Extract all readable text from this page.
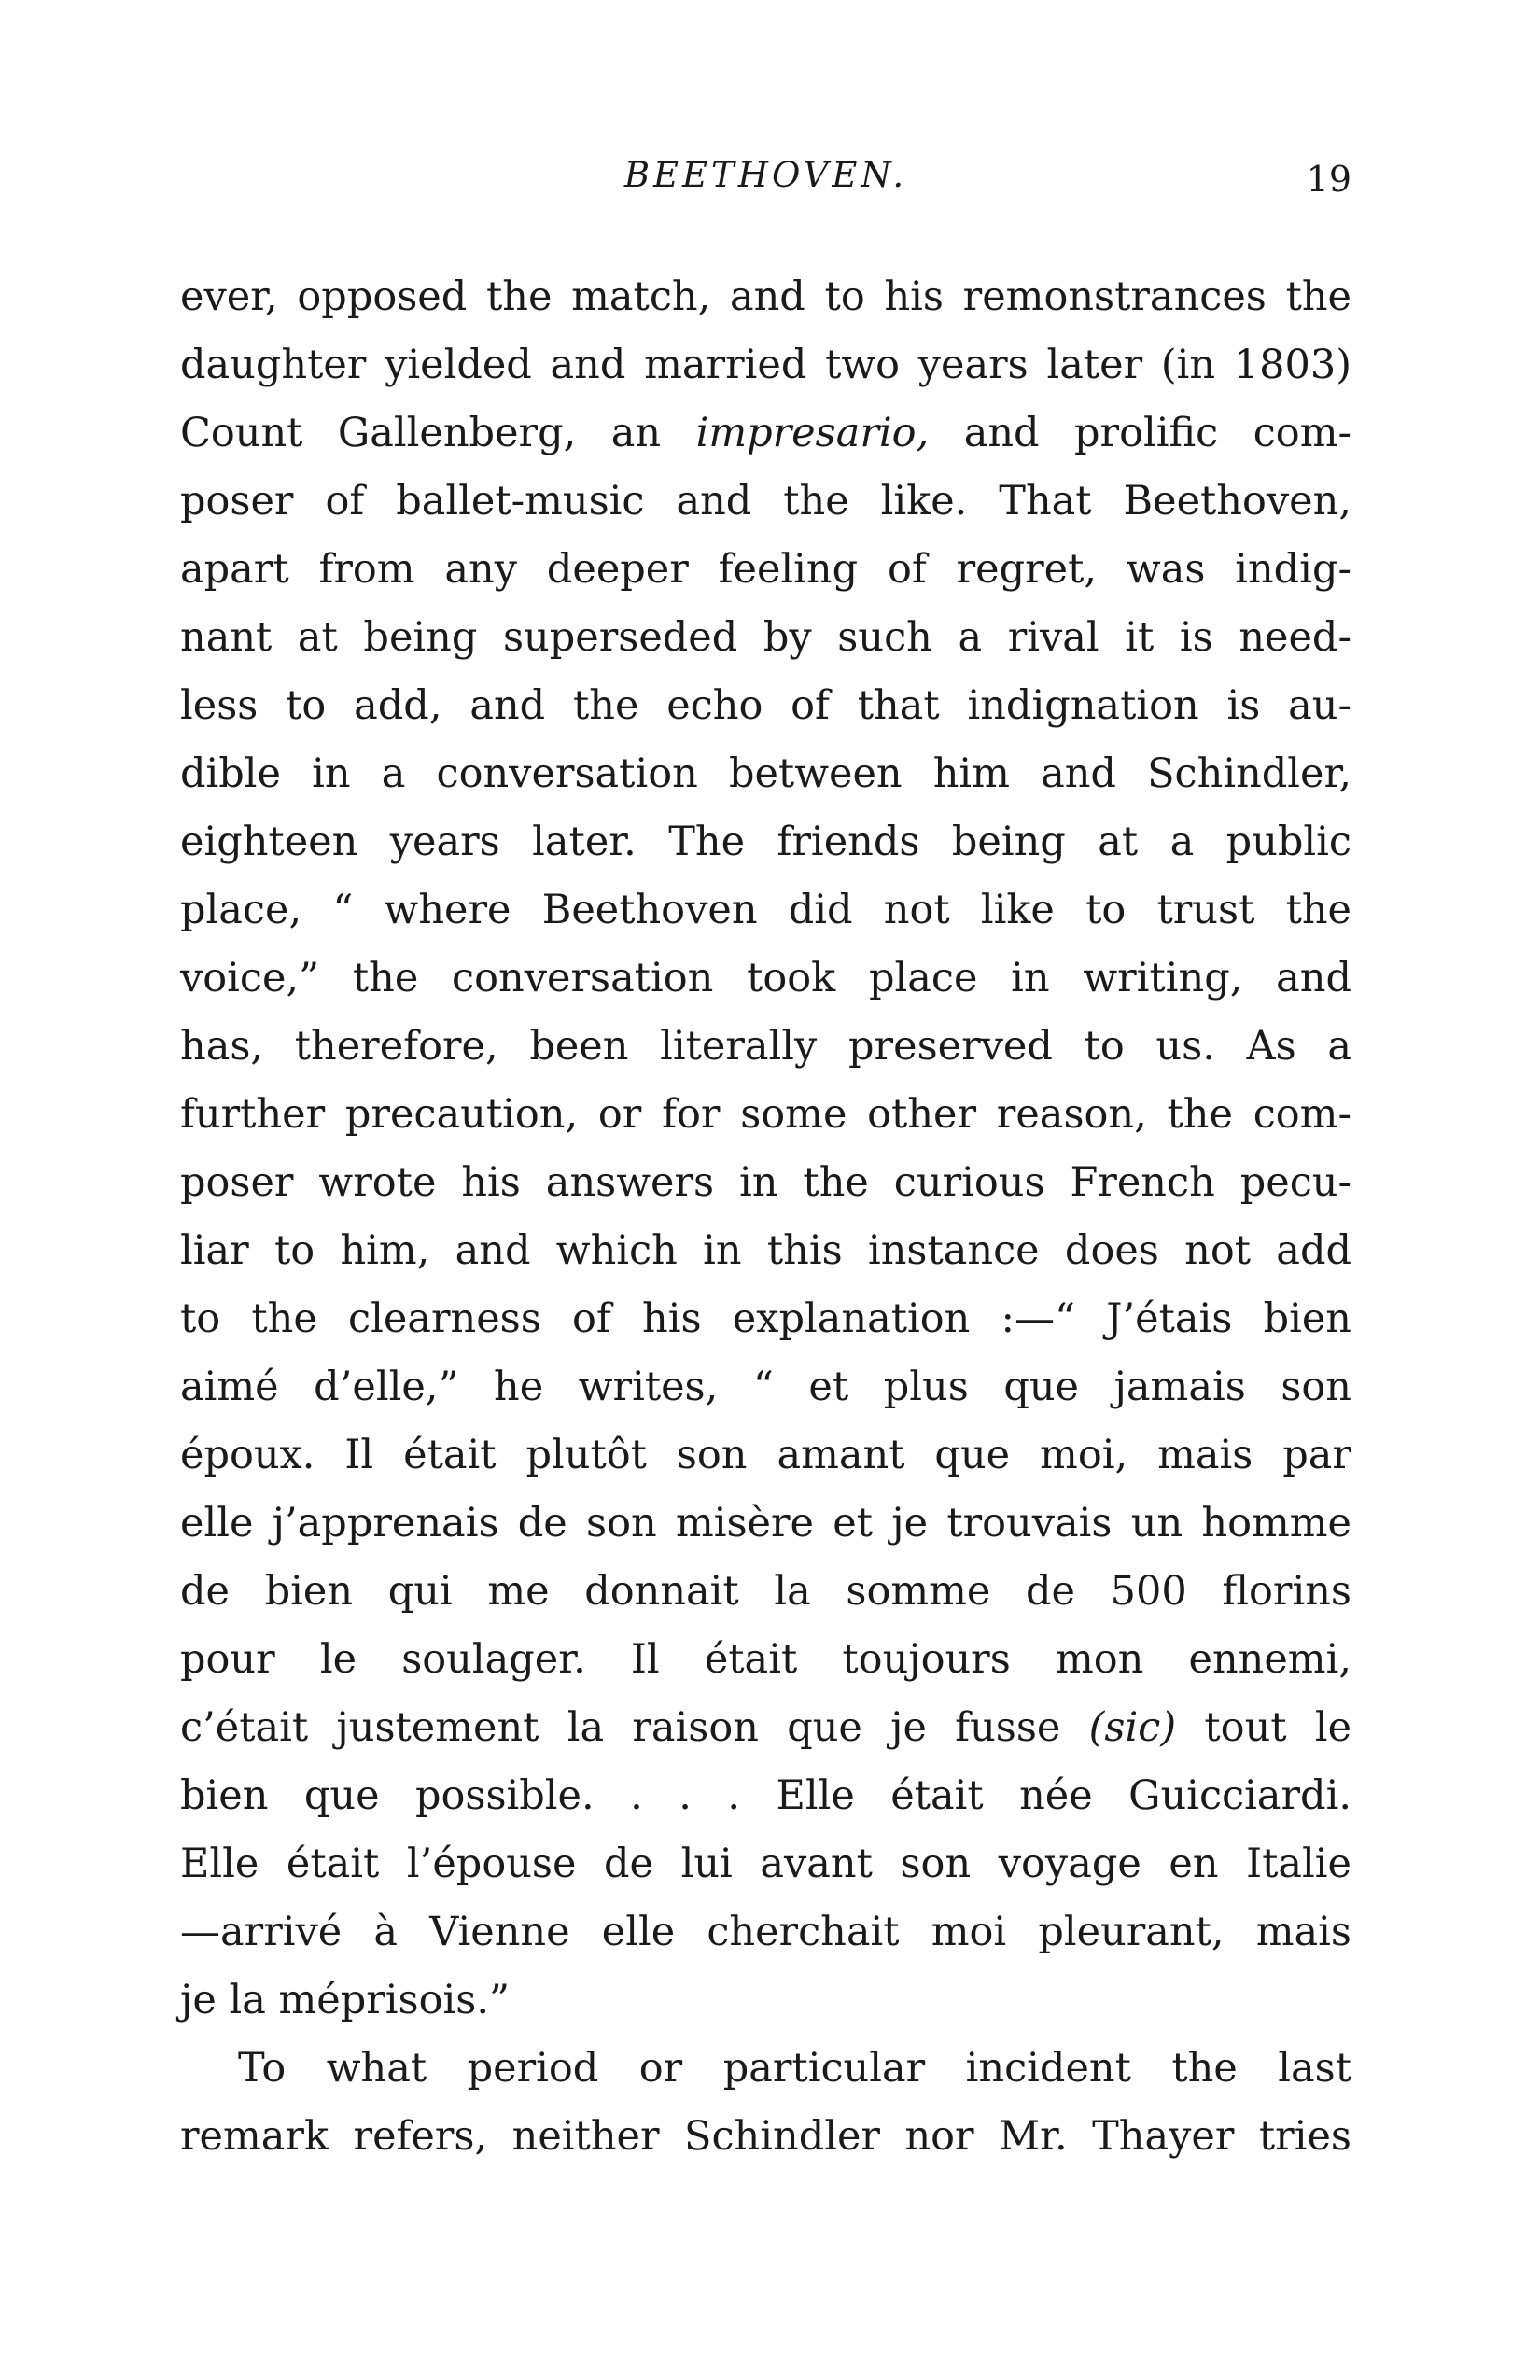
BEETHOVEN.	19
ever, opposed the match, and to his remonstrances the
daughter yielded and married two years later (in 1803)
Count Gallenberg, an impresario, and prolific com-
poser of ballet-music and the like. That Beethoven,
apart from any deeper feeling of regret, was indig-
nant at being superseded by such a rival it is need-
less to add, and the echo of that indignation is au-
dible in a conversation between him and Schindler,
eighteen years later. The friends being at a public
place, “ where Beethoven did not like to trust the
voice,” the conversation took place in writing, and
has, therefore, been literally preserved to us. As a
further precaution, or for some other reason, the com-
poser wrote his answers in the curious French pecu-
liar to him, and which in this instance does not add
to the clearness of his explanation :—“ J’étais bien
aimé d’elle,” he writes, “ et plus que jamais son
époux. Il était plutôt son amant que moi, mais par
elle j’apprenais de son misère et je trouvais un homme
de bien qui me donnait la somme de 500 florins
pour le soulager. Il était toujours mon ennemi,
c’était justement la raison que je fusse (sic) tout le
bien que possible. . . . Elle était née Guicciardi.
Elle était l’épouse de lui avant son voyage en Italie
—arrivé à Vienne elle cherchait moi pleurant, mais
je la méprisois.”
To what period or particular incident the last
remark refers, neither Schindler nor Mr. Thayer tries
